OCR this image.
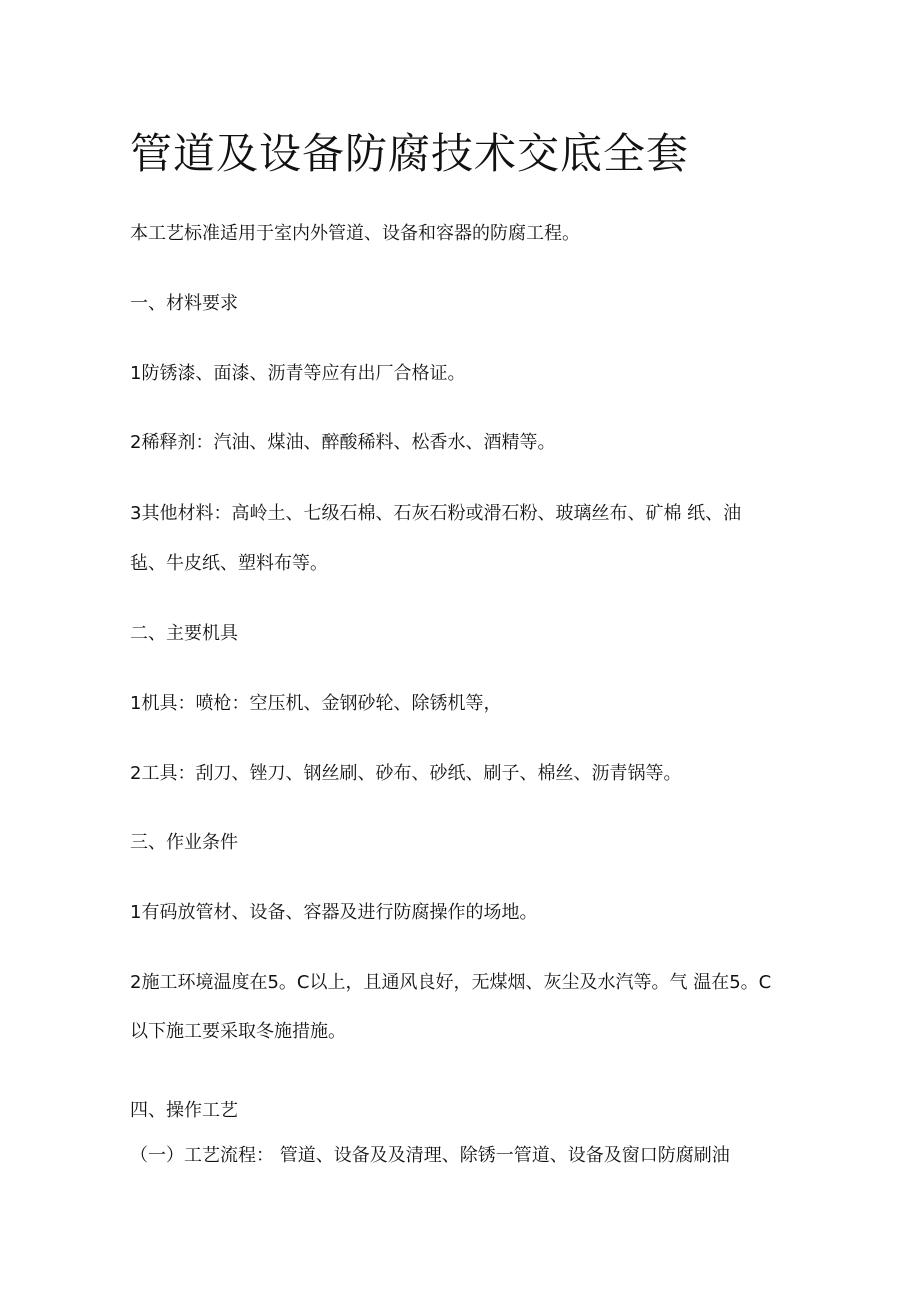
管道及设备防腐技术交底全套

本工艺标准适用于室内外管道、设备和容器的防腐工程。

一、材料要求

1防锈漆、面漆、沥青等应有出厂合格证。

2稀释剂：汽油、煤油、醉酸稀料、松香水、酒精等。

3其他材料：高岭土、七级石棉、石灰石粉或滑石粉、玻璃丝布、矿棉 纸、油

毡、牛皮纸、塑料布等。

二、主要机具

1机具：喷枪：空压机、金钢砂轮、除锈机等，

2工具：刮刀、锉刀、钢丝刷、砂布、砂纸、刷子、棉丝、沥青锅等。

三、作业条件

1有码放管材、设备、容器及进行防腐操作的场地。

2施工环境温度在5。C以上，且通风良好，无煤烟、灰尘及水汽等。气 温在5。C

以下施工要采取冬施措施。

四、操作工艺

（一）工艺流程： 管道、设备及及清理、除锈一管道、设备及窗口防腐刷油
